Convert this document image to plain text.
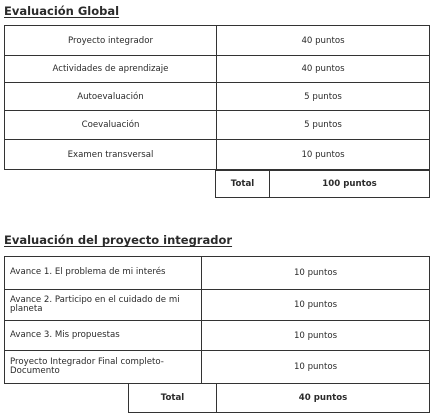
Evaluación Global
Proyecto integrador	40 puntos
Actividades de aprendizaje	40 puntos
Autoevaluación	5 puntos
Coevaluación	5 puntos
Examen transversal	10 puntos
Total	100 puntos
Evaluación del proyecto integrador
Avance 1. El problema de mi interés	10 puntos
Avance 2. Participo en el cuidado de mi planeta	10 puntos
Avance 3. Mis propuestas	10 puntos
Proyecto Integrador Final completo-Documento	10 puntos
Total	40 puntos
